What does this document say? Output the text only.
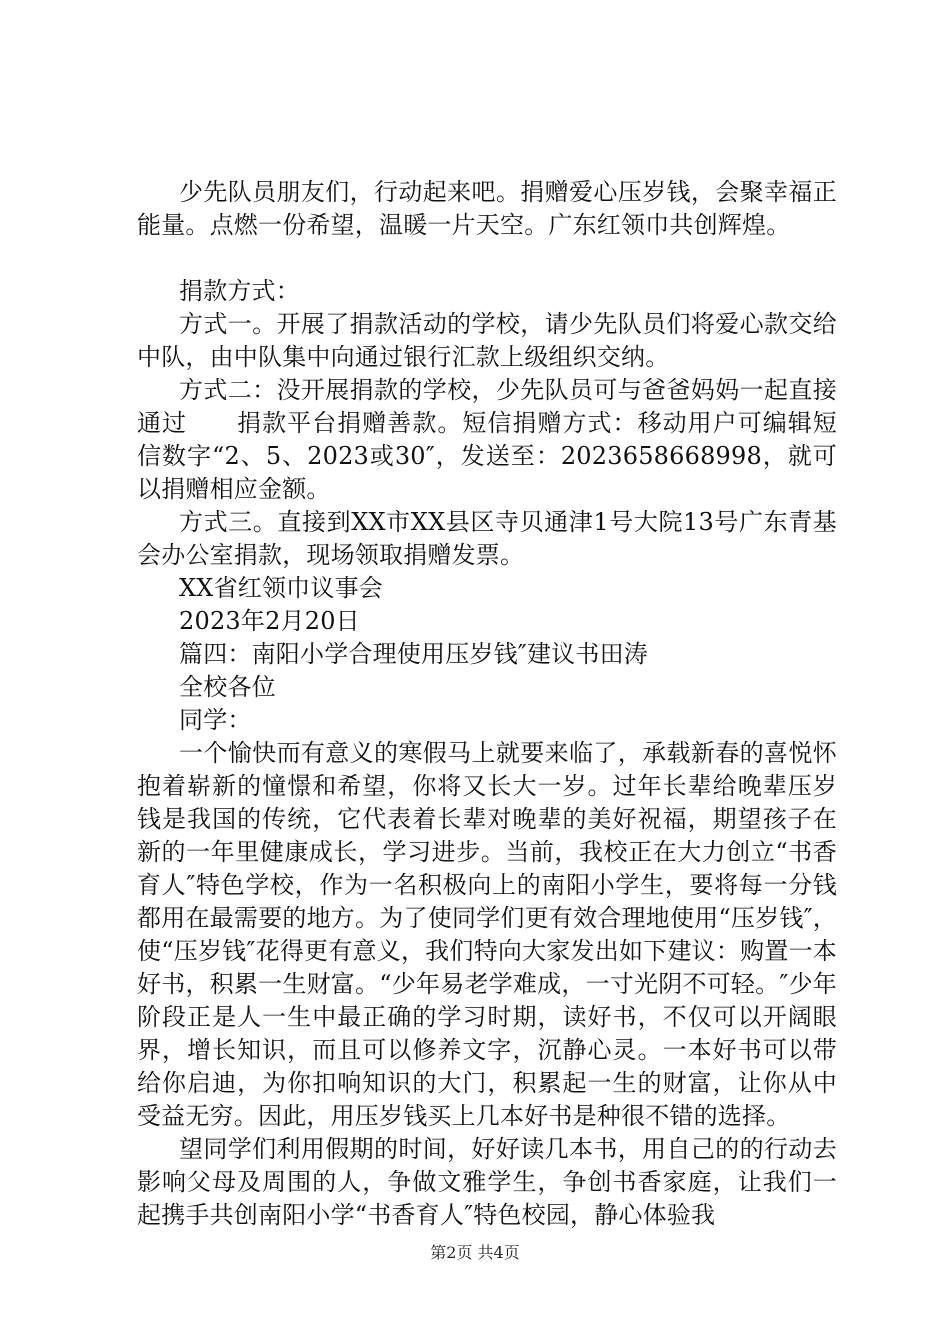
少先队员朋友们，行动起来吧。捐赠爱心压岁钱，会聚幸福正能量。点燃一份希望，温暖一片天空。广东红领巾共创辉煌。

捐款方式：

方式一。开展了捐款活动的学校，请少先队员们将爱心款交给中队，由中队集中向通过银行汇款上级组织交纳。

方式二：没开展捐款的学校，少先队员可与爸爸妈妈一起直接通过　　捐款平台捐赠善款。短信捐赠方式：移动用户可编辑短信数字“2、5、2023或30″，发送至：2023658668998，就可以捐赠相应金额。

方式三。直接到XX市XX县区寺贝通津1号大院13号广东青基会办公室捐款，现场领取捐赠发票。

XX省红领巾议事会

2023年2月20日

篇四：南阳小学合理使用压岁钱″建议书田涛

全校各位

同学：

一个愉快而有意义的寒假马上就要来临了，承载新春的喜悦怀抱着崭新的憧憬和希望，你将又长大一岁。过年长辈给晚辈压岁钱是我国的传统，它代表着长辈对晚辈的美好祝福，期望孩子在新的一年里健康成长，学习进步。当前，我校正在大力创立“书香育人″特色学校，作为一名积极向上的南阳小学生，要将每一分钱都用在最需要的地方。为了使同学们更有效合理地使用“压岁钱″，使“压岁钱″花得更有意义，我们特向大家发出如下建议：购置一本好书，积累一生财富。“少年易老学难成，一寸光阴不可轻。″少年阶段正是人一生中最正确的学习时期，读好书，不仅可以开阔眼界，增长知识，而且可以修养文字，沉静心灵。一本好书可以带给你启迪，为你扣响知识的大门，积累起一生的财富，让你从中受益无穷。因此，用压岁钱买上几本好书是种很不错的选择。

望同学们利用假期的时间，好好读几本书，用自己的的行动去影响父母及周围的人，争做文雅学生，争创书香家庭，让我们一起携手共创南阳小学“书香育人″特色校园，静心体验我

第2页 共4页
